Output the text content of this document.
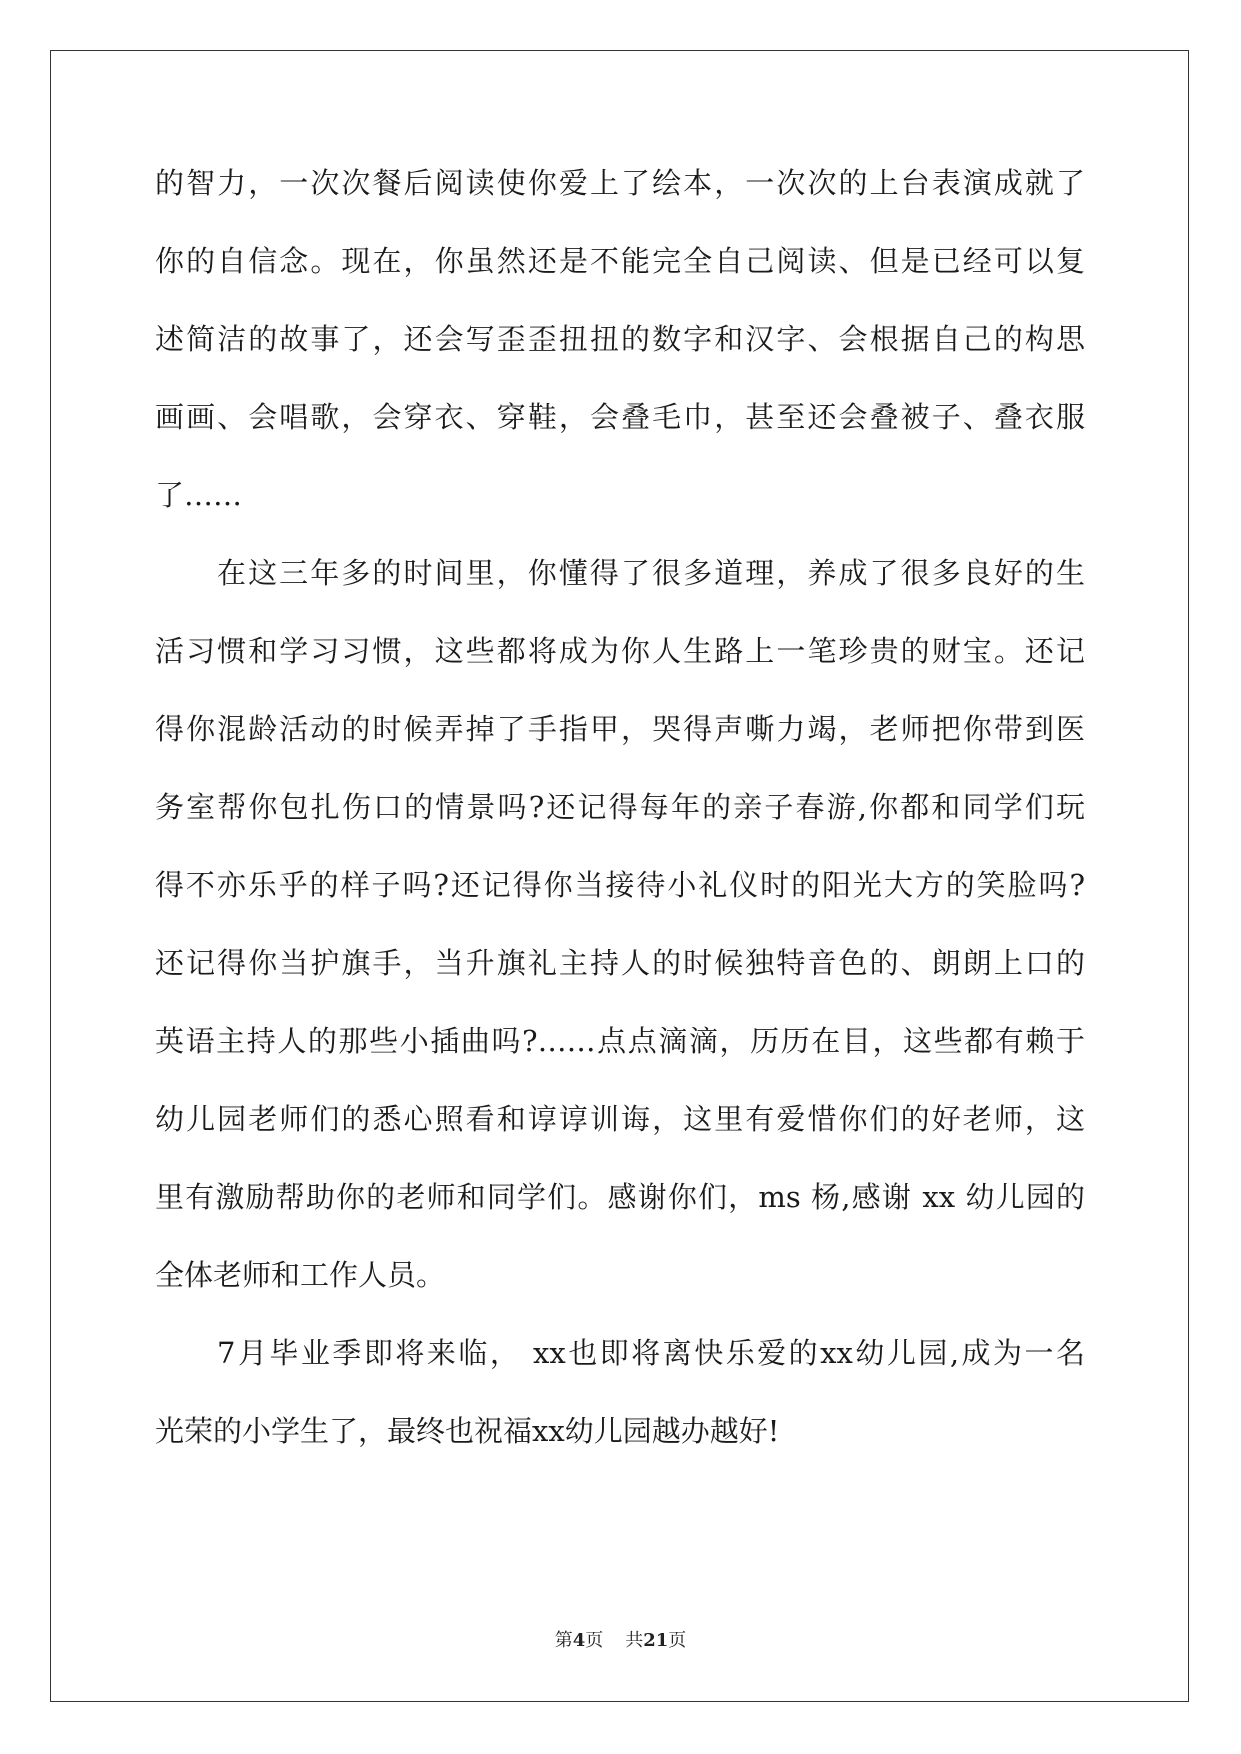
的智力，一次次餐后阅读使你爱上了绘本，一次次的上台表演成就了
你的自信念。现在，你虽然还是不能完全自己阅读、但是已经可以复
述简洁的故事了，还会写歪歪扭扭的数字和汉字、会根据自己的构思
画画、会唱歌，会穿衣、穿鞋，会叠毛巾，甚至还会叠被子、叠衣服
了……
在这三年多的时间里，你懂得了很多道理，养成了很多良好的生
活习惯和学习习惯，这些都将成为你人生路上一笔珍贵的财宝。还记
得你混龄活动的时候弄掉了手指甲，哭得声嘶力竭，老师把你带到医
务室帮你包扎伤口的情景吗?还记得每年的亲子春游,你都和同学们玩
得不亦乐乎的样子吗?还记得你当接待小礼仪时的阳光大方的笑脸吗?
还记得你当护旗手，当升旗礼主持人的时候独特音色的、朗朗上口的
英语主持人的那些小插曲吗?……点点滴滴，历历在目，这些都有赖于
幼儿园老师们的悉心照看和谆谆训诲，这里有爱惜你们的好老师，这
里有激励帮助你的老师和同学们。感谢你们，ms 杨,感谢 xx 幼儿园的
全体老师和工作人员。
7月毕业季即将来临， xx也即将离快乐爱的xx幼儿园,成为一名
光荣的小学生了，最终也祝福xx幼儿园越办越好!
第4页 共21页
